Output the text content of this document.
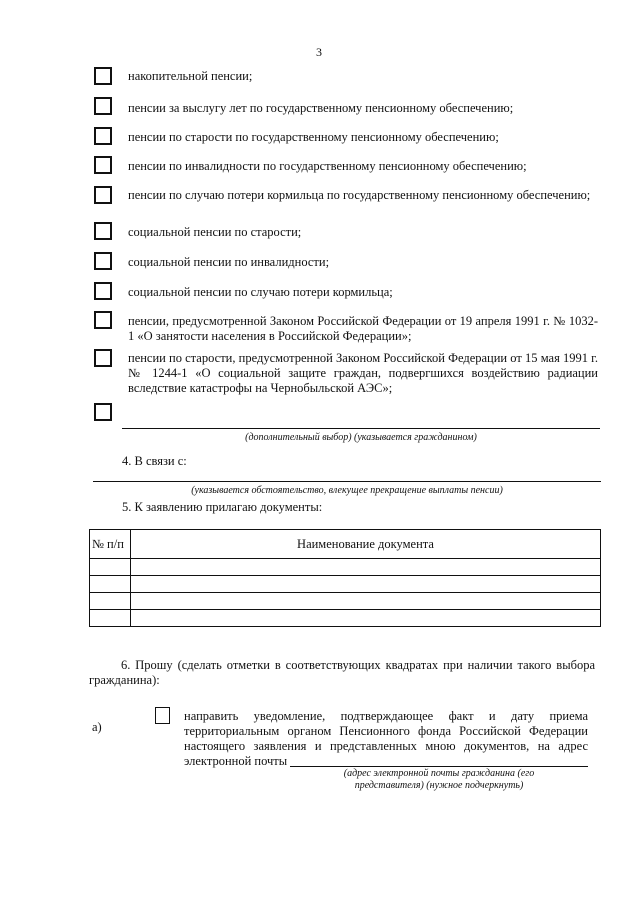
3
накопительной пенсии;
пенсии за выслугу лет по государственному пенсионному обеспечению;
пенсии по старости по государственному пенсионному обеспечению;
пенсии по инвалидности по государственному пенсионному обеспечению;
пенсии по случаю потери кормильца по государственному пенсионному обеспечению;
социальной пенсии по старости;
социальной пенсии по инвалидности;
социальной пенсии по случаю потери кормильца;
пенсии, предусмотренной Законом Российской Федерации от 19 апреля 1991 г. № 1032-1 «О занятости населения в Российской Федерации»;
пенсии по старости, предусмотренной Законом Российской Федерации от 15 мая 1991 г. № 1244-1 «О социальной защите граждан, подвергшихся воздействию радиации вследствие катастрофы на Чернобыльской АЭС»;
(дополнительный выбор) (указывается гражданином)
4. В связи с:
(указывается обстоятельство, влекущее прекращение выплаты пенсии)
5. К заявлению прилагаю документы:
№ п/п	Наименование документа

6. Прошу (сделать отметки в соответствующих квадратах при наличии такого выбора гражданина):
а)
направить уведомление, подтверждающее факт и дату приема территориальным органом Пенсионного фонда Российской Федерации настоящего заявления и представленных мною документов, на адрес электронной почты
(адрес электронной почты гражданина (его
представителя) (нужное подчеркнуть)
